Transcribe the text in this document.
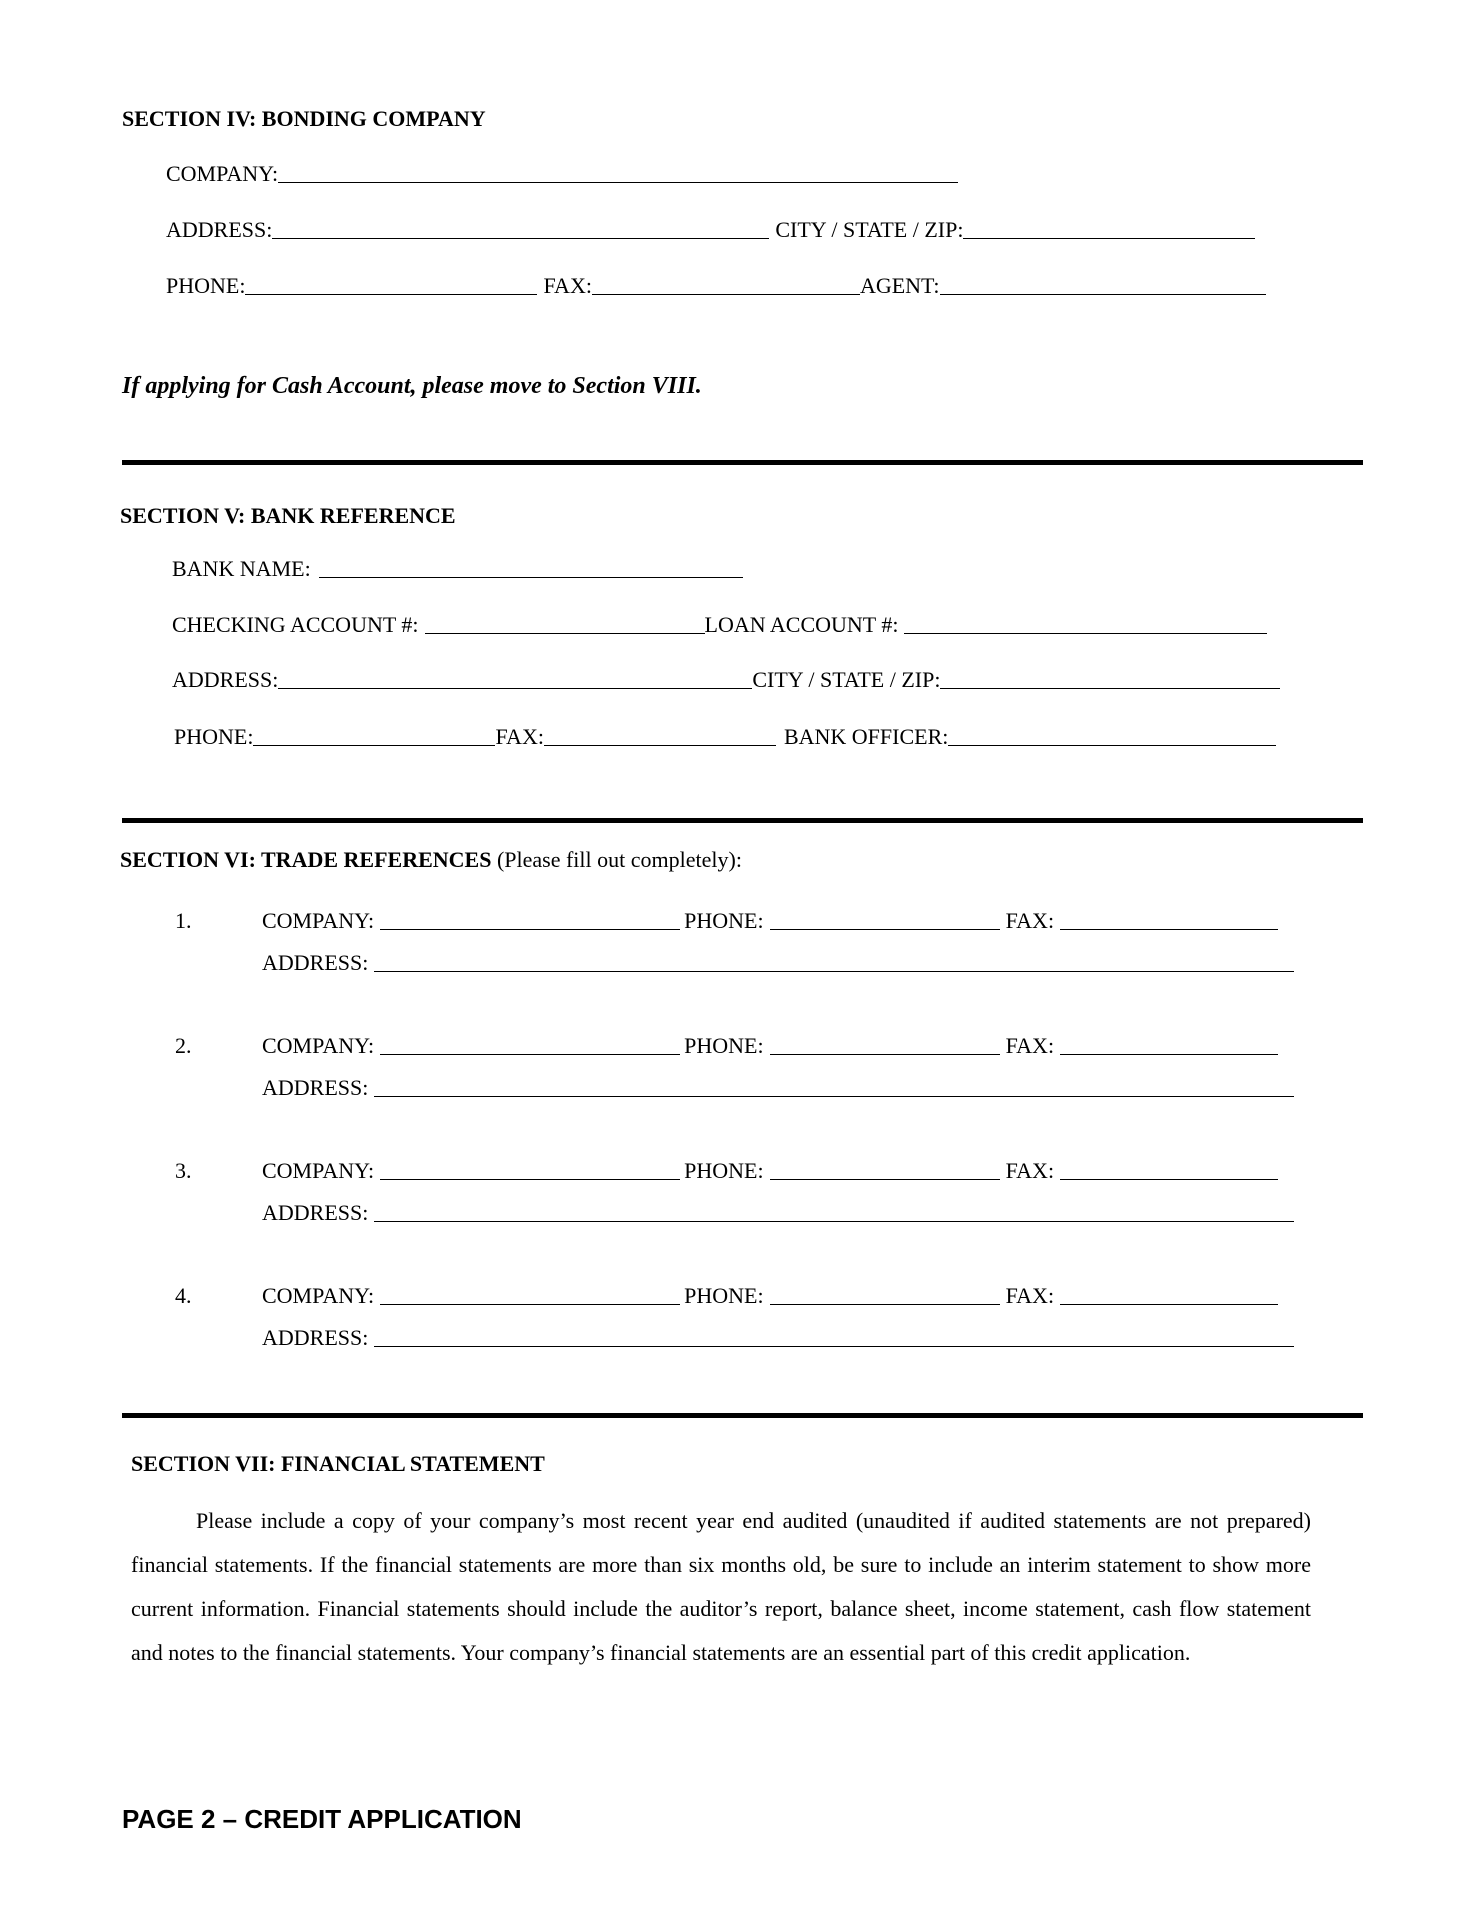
SECTION IV: BONDING COMPANY
COMPANY:
ADDRESS:	CITY / STATE / ZIP:
PHONE:	FAX:	AGENT:
If applying for Cash Account, please move to Section VIII.
SECTION V: BANK REFERENCE
BANK NAME:
CHECKING ACCOUNT #:	LOAN ACCOUNT #:
ADDRESS:	CITY / STATE / ZIP:
PHONE:	FAX:	BANK OFFICER:
SECTION VI: TRADE REFERENCES (Please fill out completely):
1.	COMPANY:	PHONE:	FAX:
ADDRESS:
2.	COMPANY:	PHONE:	FAX:
ADDRESS:
3.	COMPANY:	PHONE:	FAX:
ADDRESS:
4.	COMPANY:	PHONE:	FAX:
ADDRESS:
SECTION VII: FINANCIAL STATEMENT
Please include a copy of your company’s most recent year end audited (unaudited if audited statements are not prepared) financial statements. If the financial statements are more than six months old, be sure to include an interim statement to show more current information. Financial statements should include the auditor’s report, balance sheet, income statement, cash flow statement and notes to the financial statements. Your company’s financial statements are an essential part of this credit application.
PAGE 2 – CREDIT APPLICATION
